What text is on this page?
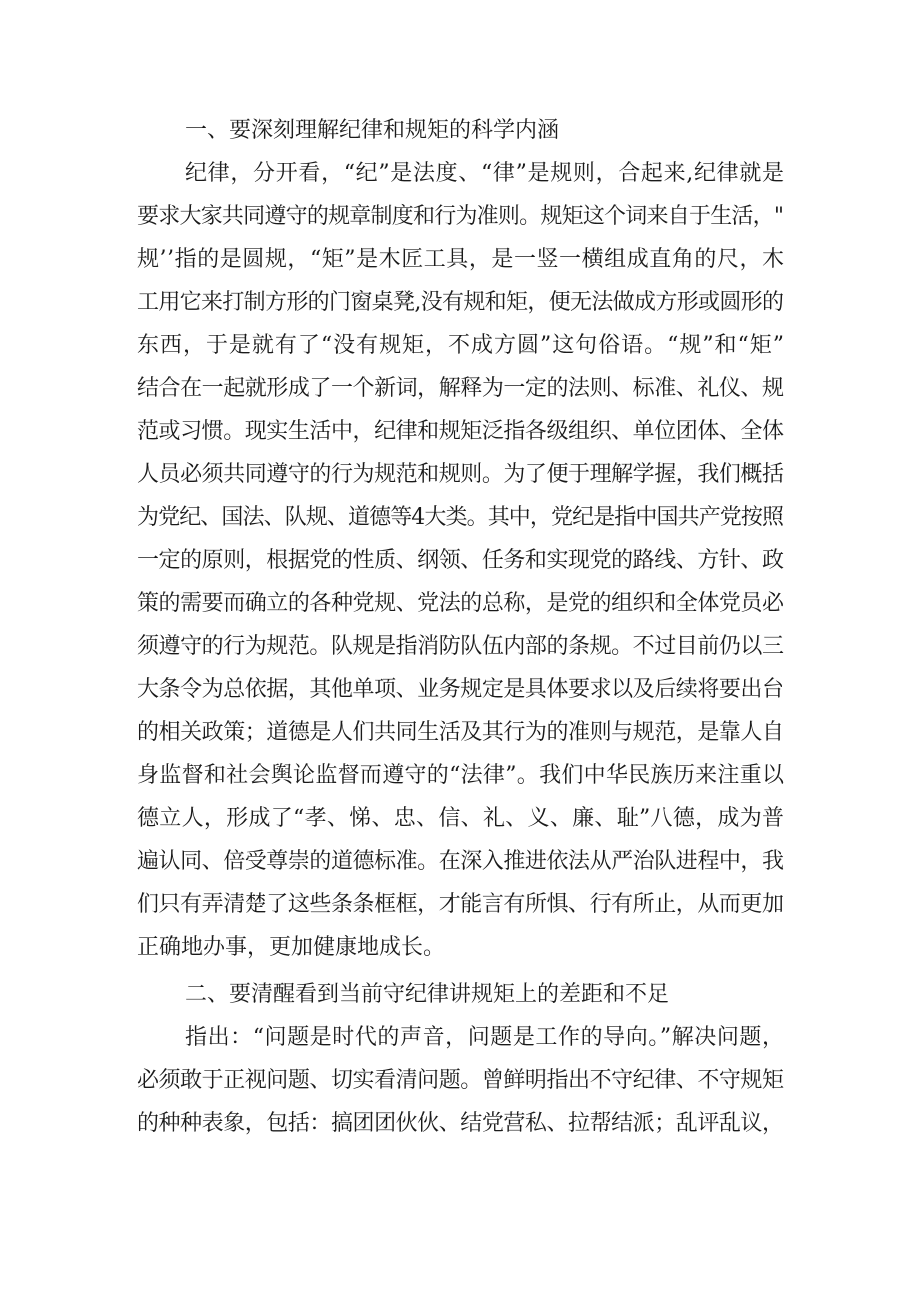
一、要深刻理解纪律和规矩的科学内涵
纪律，分开看，“纪”是法度、“律”是规则，合起来,纪律就是
要求大家共同遵守的规章制度和行为准则。规矩这个词来自于生活，"
规’’指的是圆规，“矩”是木匠工具，是一竖一横组成直角的尺，木
工用它来打制方形的门窗桌凳,没有规和矩，便无法做成方形或圆形的
东西，于是就有了“没有规矩，不成方圆”这句俗语。“规”和“矩”
结合在一起就形成了一个新词，解释为一定的法则、标准、礼仪、规
范或习惯。现实生活中，纪律和规矩泛指各级组织、单位团体、全体
人员必须共同遵守的行为规范和规则。为了便于理解学握，我们概括
为党纪、国法、队规、道德等4大类。其中，党纪是指中国共产党按照
一定的原则，根据党的性质、纲领、任务和实现党的路线、方针、政
策的需要而确立的各种党规、党法的总称，是党的组织和全体党员必
须遵守的行为规范。队规是指消防队伍内部的条规。不过目前仍以三
大条令为总依据，其他单项、业务规定是具体要求以及后续将要出台
的相关政策；道德是人们共同生活及其行为的准则与规范，是靠人自
身监督和社会舆论监督而遵守的“法律”。我们中华民族历来注重以
德立人，形成了“孝、悌、忠、信、礼、义、廉、耻”八德，成为普
遍认同、倍受尊崇的道德标准。在深入推进依法从严治队进程中，我
们只有弄清楚了这些条条框框，才能言有所惧、行有所止，从而更加
正确地办事，更加健康地成长。
二、要清醒看到当前守纪律讲规矩上的差距和不足
指出：“问题是时代的声音，问题是工作的导向。”解决问题，
必须敢于正视问题、切实看清问题。曾鲜明指出不守纪律、不守规矩
的种种表象，包括：搞团团伙伙、结党营私、拉帮结派；乱评乱议，
